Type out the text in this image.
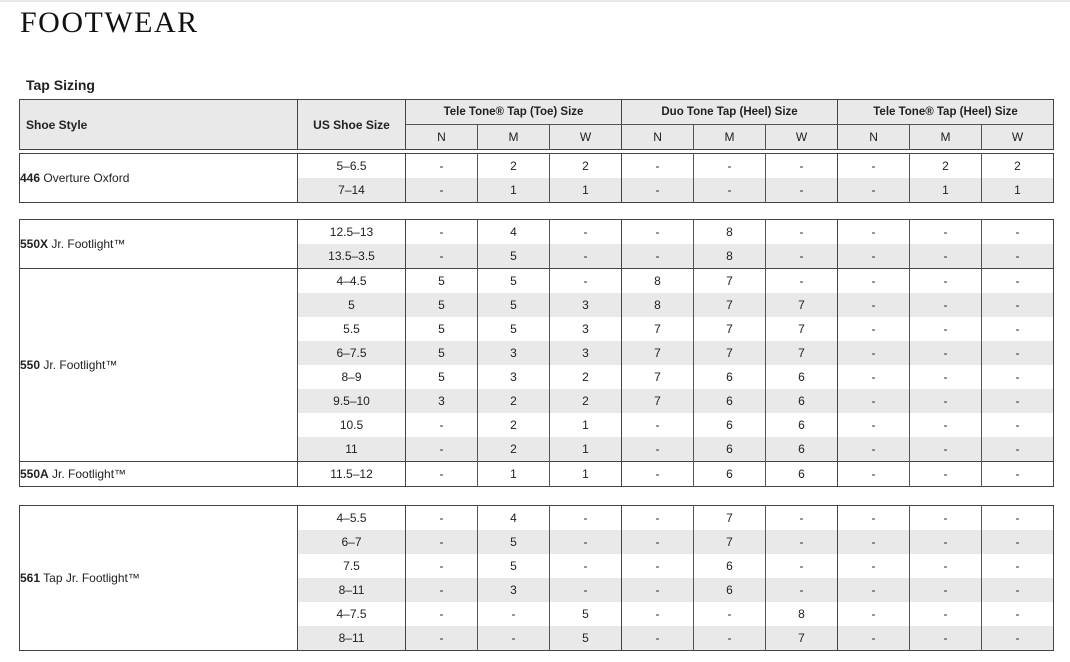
FOOTWEAR
Tap Sizing
Shoe Style	US Shoe Size	Tele Tone® Tap (Toe) Size			Duo Tone Tap (Heel) Size			Tele Tone® Tap (Heel) Size		
		N	M	W	N	M	W	N	M	W
446 Overture Oxford	5–6.5	-	2	2	-	-	-	-	2	2
	7–14	-	1	1	-	-	-	-	1	1
550X Jr. Footlight™	12.5–13	-	4	-	-	8	-	-	-	-
	13.5–3.5	-	5	-	-	8	-	-	-	-
550 Jr. Footlight™	4–4.5	5	5	-	8	7	-	-	-	-
	5	5	5	3	8	7	7	-	-	-
	5.5	5	5	3	7	7	7	-	-	-
	6–7.5	5	3	3	7	7	7	-	-	-
	8–9	5	3	2	7	6	6	-	-	-
	9.5–10	3	2	2	7	6	6	-	-	-
	10.5	-	2	1	-	6	6	-	-	-
	11	-	2	1	-	6	6	-	-	-
550A Jr. Footlight™	11.5–12	-	1	1	-	6	6	-	-	-
561 Tap Jr. Footlight™	4–5.5	-	4	-	-	7	-	-	-	-
	6–7	-	5	-	-	7	-	-	-	-
	7.5	-	5	-	-	6	-	-	-	-
	8–11	-	3	-	-	6	-	-	-	-
	4–7.5	-	-	5	-	-	8	-	-	-
	8–11	-	-	5	-	-	7	-	-	-
